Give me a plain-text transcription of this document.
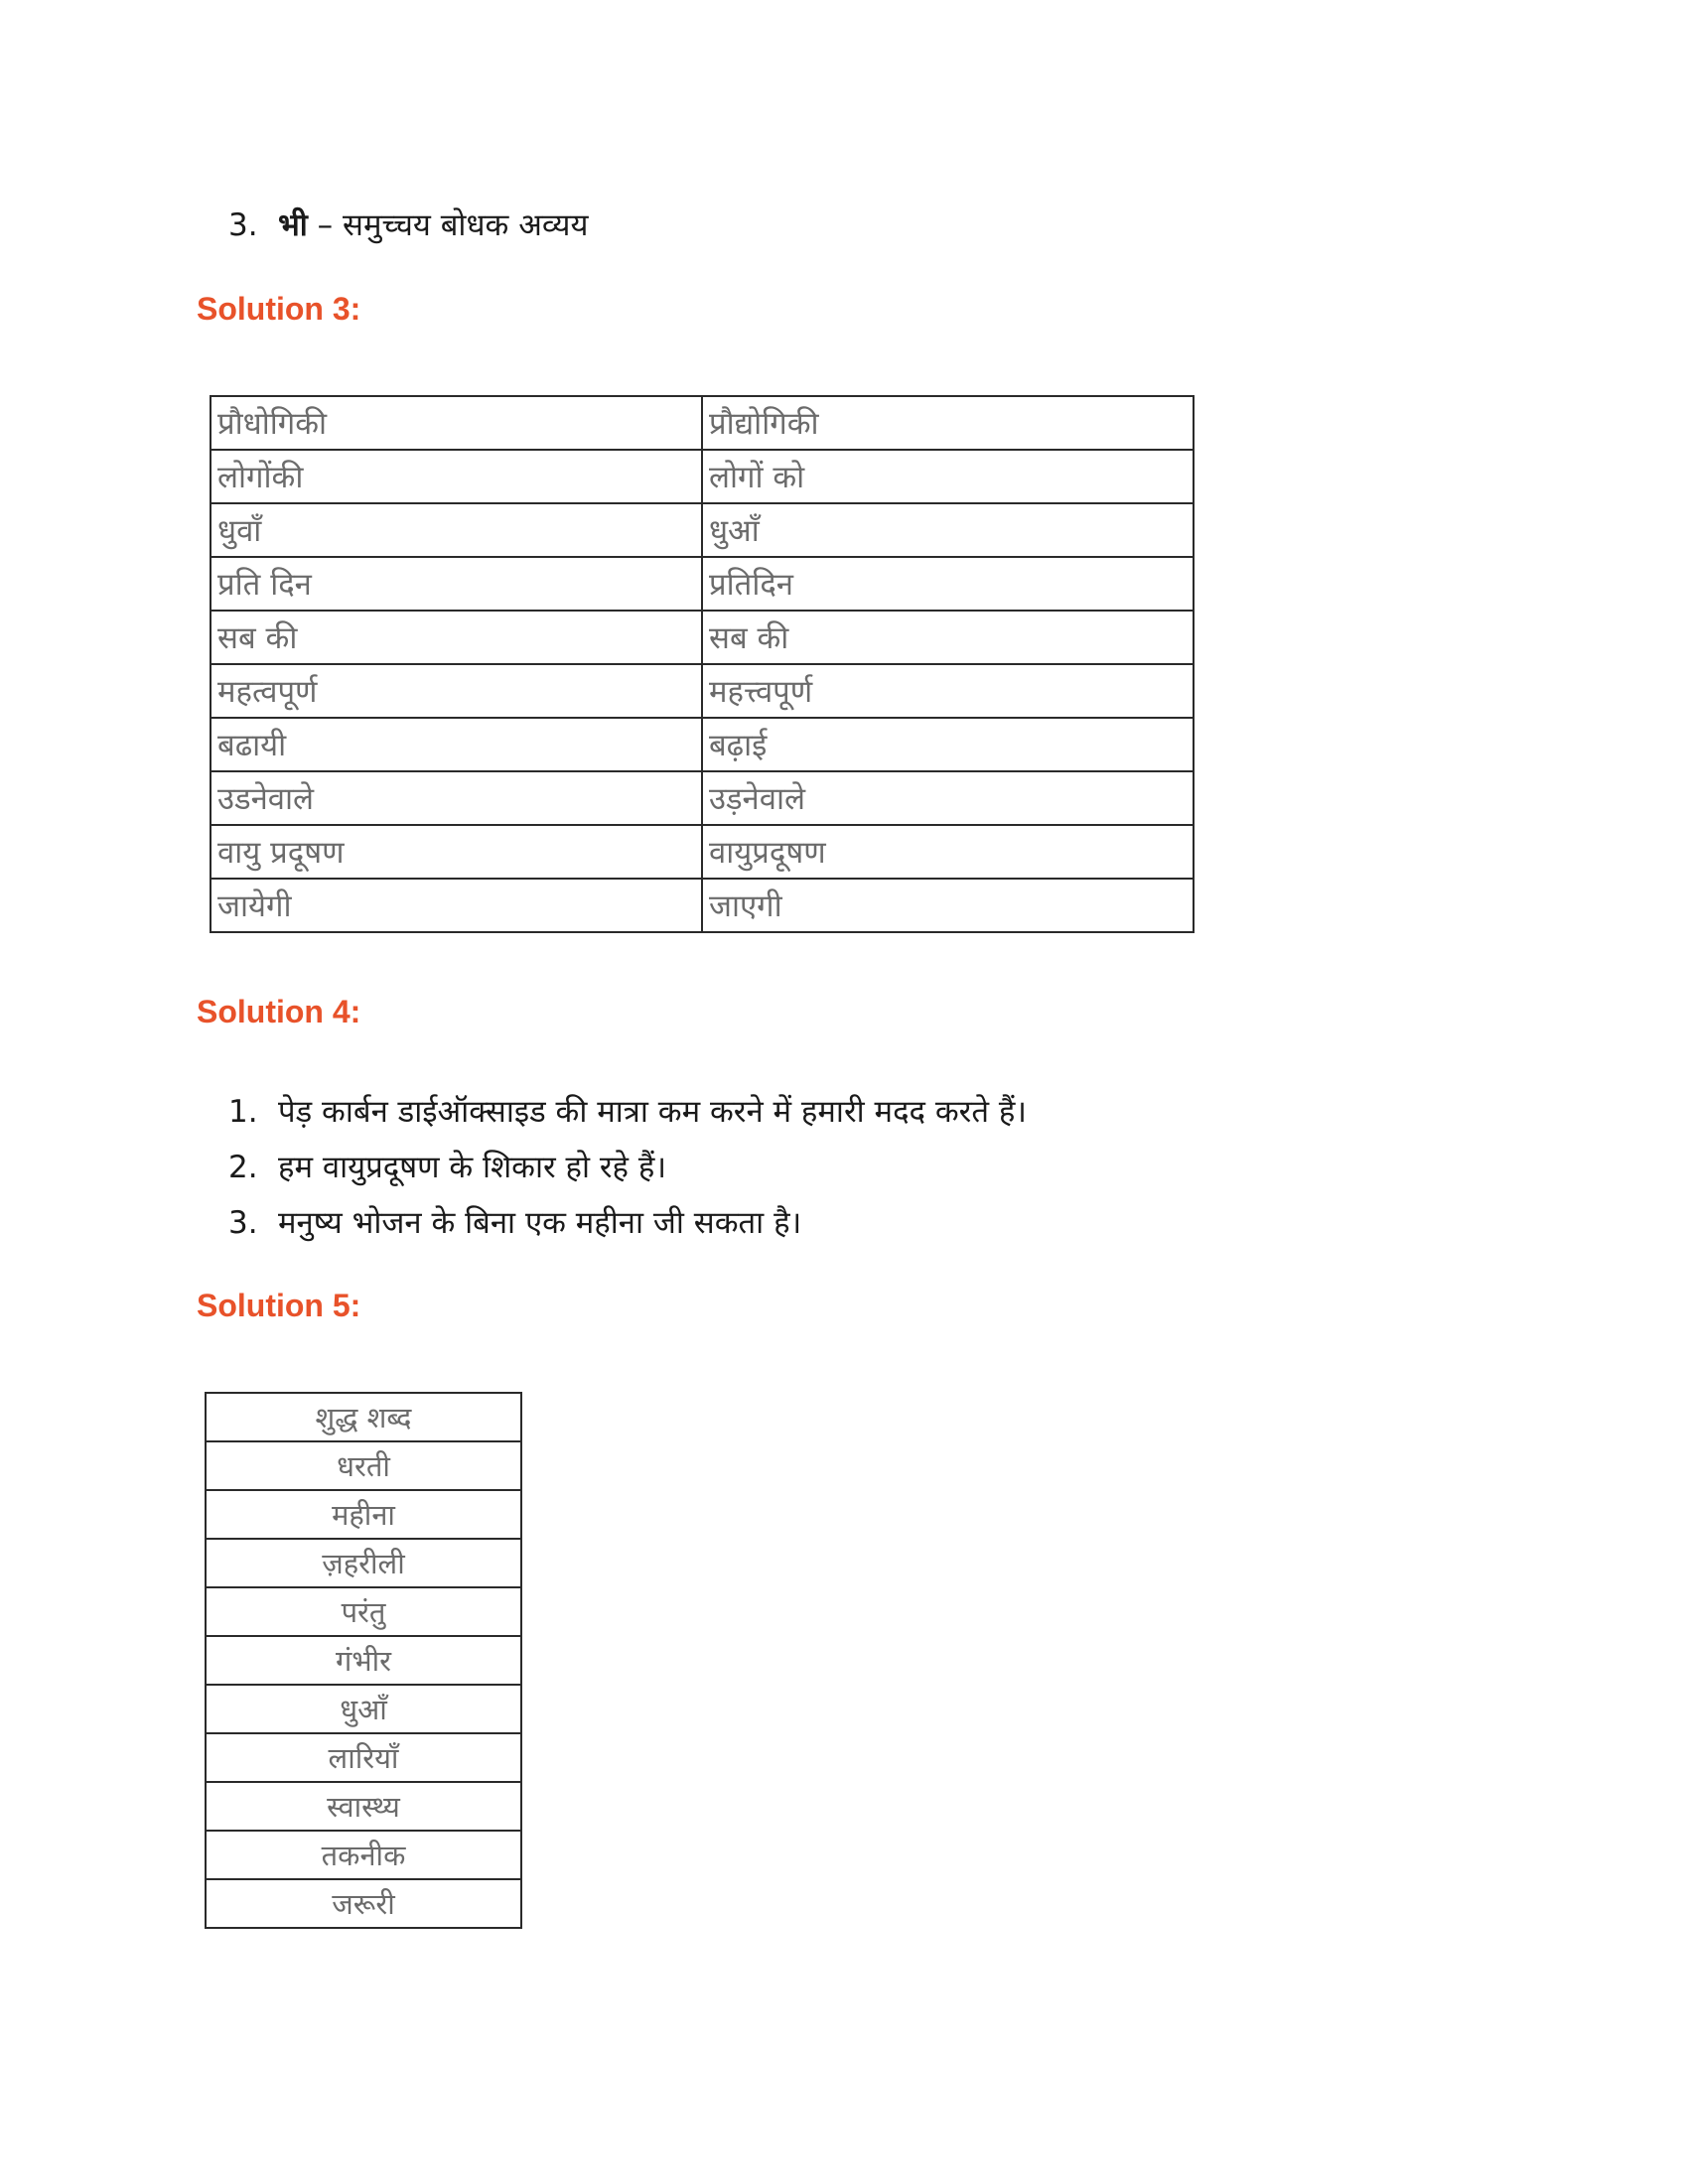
3. भी – समुच्चय बोधक अव्यय
Solution 3:
प्रौधोगिकी	प्रौद्योगिकी
लोगोंकी	लोगों को
धुवाँ	धुआँ
प्रति दिन	प्रतिदिन
सब की	सब की
महत्वपूर्ण	महत्त्वपूर्ण
बढायी	बढ़ाई
उडनेवाले	उड़नेवाले
वायु प्रदूषण	वायुप्रदूषण
जायेगी	जाएगी
Solution 4:
1. पेड़ कार्बन डाईऑक्साइड की मात्रा कम करने में हमारी मदद करते हैं।
2. हम वायुप्रदूषण के शिकार हो रहे हैं।
3. मनुष्य भोजन के बिना एक महीना जी सकता है।
Solution 5:
शुद्ध शब्द
धरती
महीना
ज़हरीली
परंतु
गंभीर
धुआँ
लारियाँ
स्वास्थ्य
तकनीक
जरूरी
